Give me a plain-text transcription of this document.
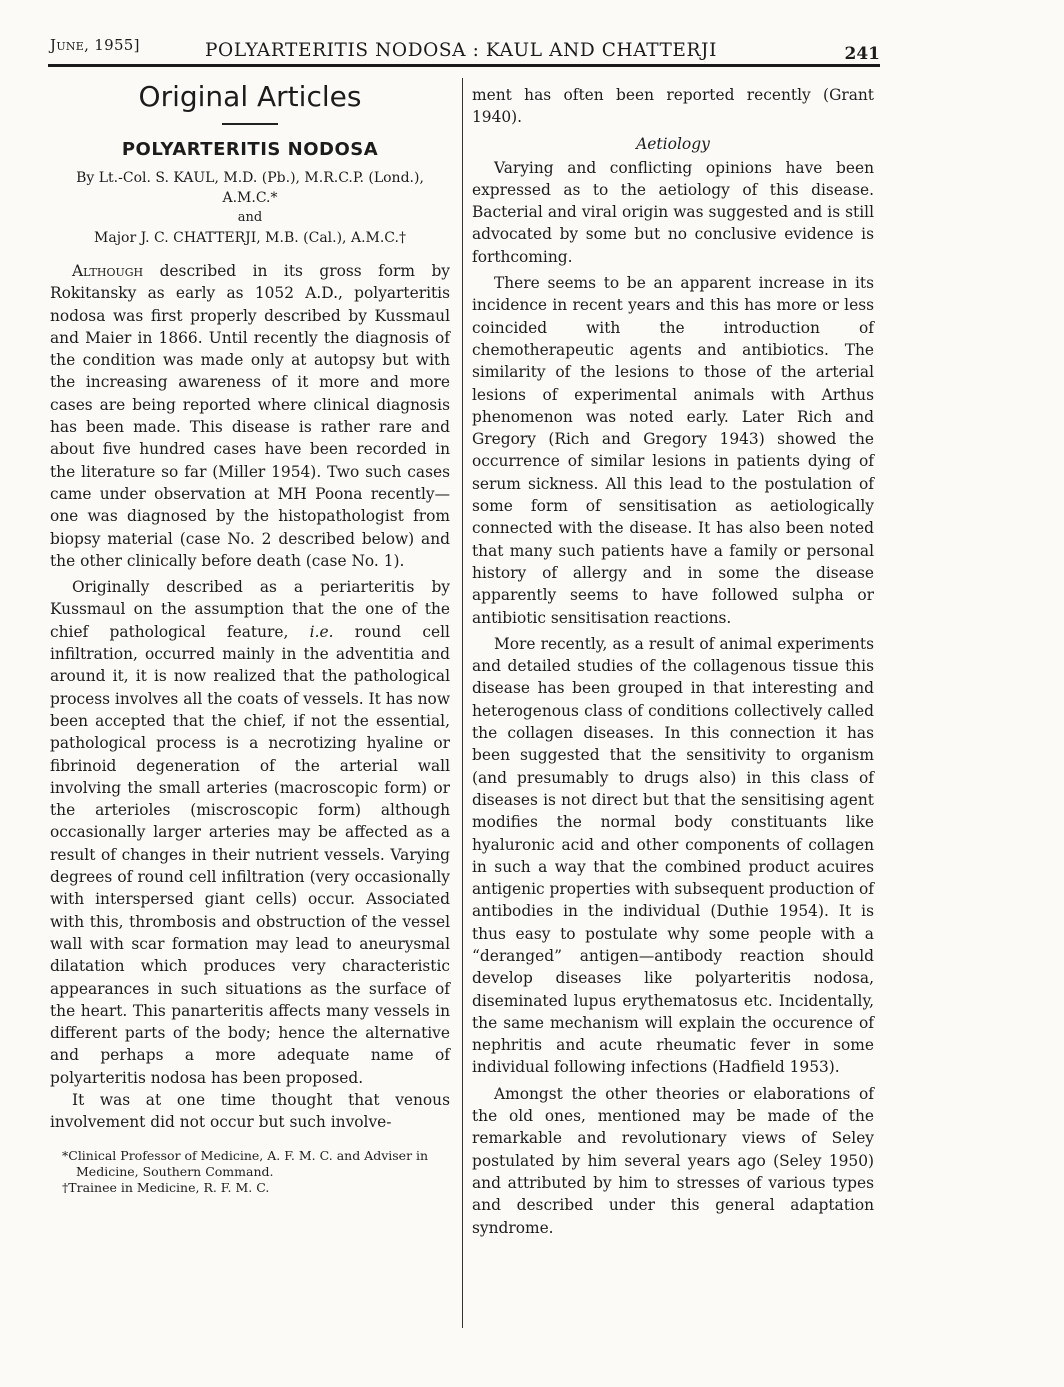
June, 1955]	POLYARTERITIS NODOSA : KAUL AND CHATTERJI	241
Original Articles
POLYARTERITIS NODOSA

By Lt.-Col. S. KAUL, M.D. (Pb.), M.R.C.P. (Lond.), A.M.C.*

and

Major J. C. CHATTERJI, M.B. (Cal.), A.M.C.†

Although described in its gross form by Rokitansky as early as 1052 A.D., polyarteritis nodosa was first properly described by Kussmaul and Maier in 1866. Until recently the diagnosis of the condition was made only at autopsy but with the increasing awareness of it more and more cases are being reported where clinical diagnosis has been made. This disease is rather rare and about five hundred cases have been recorded in the literature so far (Miller 1954). Two such cases came under observation at MH Poona recently—one was diagnosed by the histopathologist from biopsy material (case No. 2 described below) and the other clinically before death (case No. 1).

Originally described as a periarteritis by Kussmaul on the assumption that the one of the chief pathological feature, i.e. round cell infiltration, occurred mainly in the adventitia and around it, it is now realized that the pathological process involves all the coats of vessels. It has now been accepted that the chief, if not the essential, pathological process is a necrotizing hyaline or fibrinoid degeneration of the arterial wall involving the small arteries (macroscopic form) or the arterioles (miscroscopic form) although occasionally larger arteries may be affected as a result of changes in their nutrient vessels. Varying degrees of round cell infiltration (very occasionally with interspersed giant cells) occur. Associated with this, thrombosis and obstruction of the vessel wall with scar formation may lead to aneurysmal dilatation which produces very characteristic appearances in such situations as the surface of the heart. This panarteritis affects many vessels in different parts of the body; hence the alternative and perhaps a more adequate name of polyarteritis nodosa has been proposed.

It was at one time thought that venous involvement did not occur but such involve-

*Clinical Professor of Medicine, A. F. M. C. and Adviser in Medicine, Southern Command.

†Trainee in Medicine, R. F. M. C.

ment has often been reported recently (Grant 1940).

Aetiology

Varying and conflicting opinions have been expressed as to the aetiology of this disease. Bacterial and viral origin was suggested and is still advocated by some but no conclusive evidence is forthcoming.

There seems to be an apparent increase in its incidence in recent years and this has more or less coincided with the introduction of chemotherapeutic agents and antibiotics. The similarity of the lesions to those of the arterial lesions of experimental animals with Arthus phenomenon was noted early. Later Rich and Gregory (Rich and Gregory 1943) showed the occurrence of similar lesions in patients dying of serum sickness. All this lead to the postulation of some form of sensitisation as aetiologically connected with the disease. It has also been noted that many such patients have a family or personal history of allergy and in some the disease apparently seems to have followed sulpha or antibiotic sensitisation reactions.

More recently, as a result of animal experiments and detailed studies of the collagenous tissue this disease has been grouped in that interesting and heterogenous class of conditions collectively called the collagen diseases. In this connection it has been suggested that the sensitivity to organism (and presumably to drugs also) in this class of diseases is not direct but that the sensitising agent modifies the normal body constituants like hyaluronic acid and other components of collagen in such a way that the combined product acuires antigenic properties with subsequent production of antibodies in the individual (Duthie 1954). It is thus easy to postulate why some people with a “deranged” antigen—antibody reaction should develop diseases like polyarteritis nodosa, diseminated lupus erythematosus etc. Incidentally, the same mechanism will explain the occurence of nephritis and acute rheumatic fever in some individual following infections (Hadfield 1953).

Amongst the other theories or elaborations of the old ones, mentioned may be made of the remarkable and revolutionary views of Seley postulated by him several years ago (Seley 1950) and attributed by him to stresses of various types and described under this general adaptation syndrome.
